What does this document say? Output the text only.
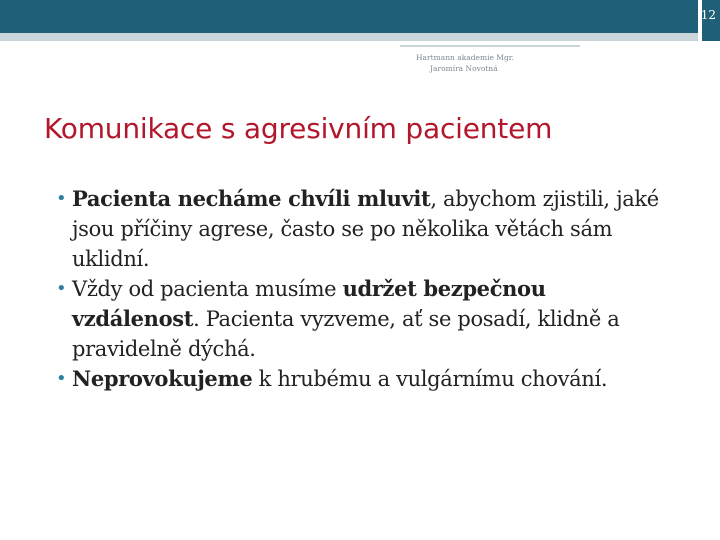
12
Hartmann akademie Mgr.
Jaromíra Novotná
Komunikace s agresivním pacientem
• Pacienta necháme chvíli mluvit, abychom zjistili, jaké jsou příčiny agrese, často se po několika větách sám uklidní.
• Vždy od pacienta musíme udržet bezpečnou vzdálenost. Pacienta vyzveme, ať se posadí, klidně a pravidelně dýchá.
• Neprovokujeme k hrubému a vulgárnímu chování.
